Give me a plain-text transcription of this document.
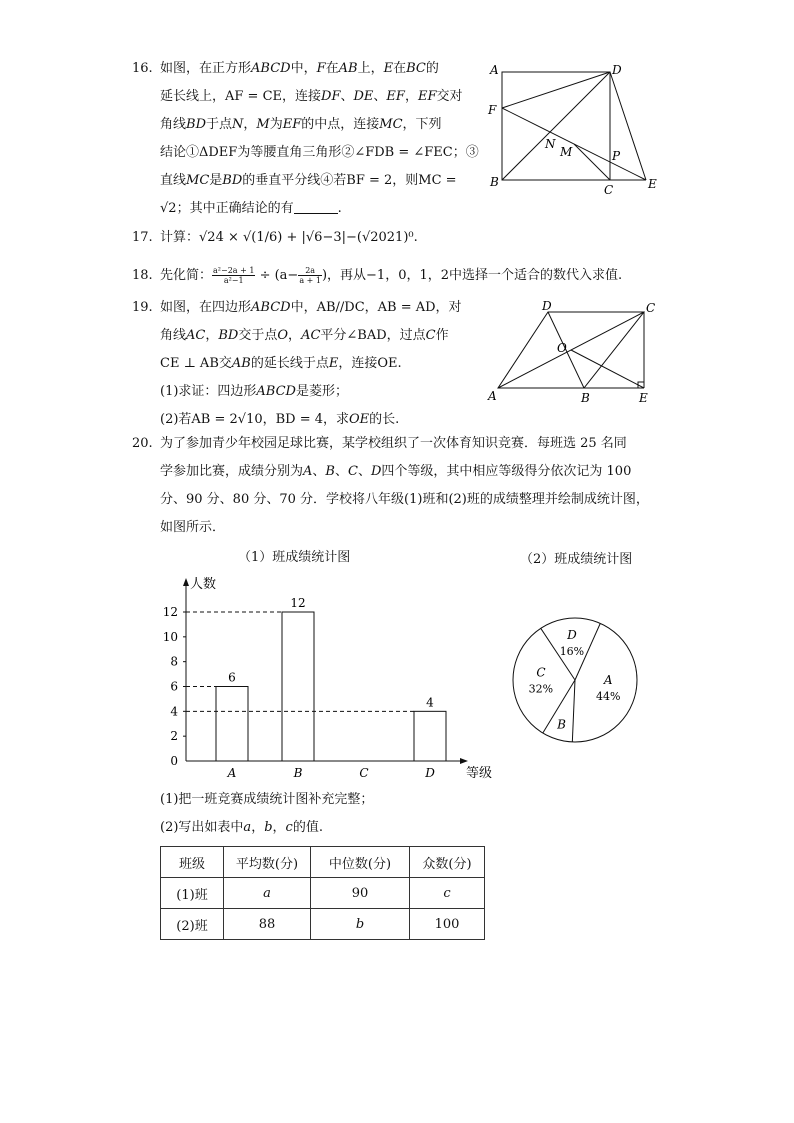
16. 如图，在正方形ABCD中，F在AB上，E在BC的
延长线上，AF = CE，连接DF、DE、EF，EF交对
角线BD于点N，M为EF的中点，连接MC，下列
结论①ΔDEF为等腰直角三角形②∠FDB = ∠FEC；③
直线MC是BD的垂直平分线④若BF = 2，则MC =
√2；其中正确结论的有	.
A	D
F
B
C	E
N
M	P
17. 计算：√24 × √(1/6) + |√6−3|−(√2021)⁰.
18. 先化简： $\frac{\text{a²−2a + 1}}{\text{a²−1}} \div (a- \frac{2a}{a + 1}$ )，再从−1，0，1，2中选择一个适合的数代入求值.
19. 如图，在四边形ABCD中，AB//DC，AB = AD，对
角线AC，BD交于点O，AC平分∠BAD，过点C作
CE ⊥ AB交AB的延长线于点E，连接OE.
(1)求证：四边形ABCD是菱形；
(2)若AB = 2√10，BD = 4，求OE的长.
D	C
O
A	B	E
20. 为了参加青少年校园足球比赛，某学校组织了一次体育知识竞赛．每班选 25 名同
学参加比赛，成绩分别为A、B、C、D四个等级，其中相应等级得分依次记为 100
分、90 分、80 分、70 分．学校将八年级(1)班和(2)班的成绩整理并绘制成统计图，
如图所示．
（1）班成绩统计图	（2）班成绩统计图
人数
等级
0
2
4
6
8
10
12
A
6
B
12
C	D
4
A
44%
B
C
32%
D
16%
(1)把一班竞赛成绩统计图补充完整；
(2)写出如表中a，b，c的值.
班级	平均数(分)	中位数(分)	众数(分)
(1)班	a	90	c
(2)班	88	b	100
